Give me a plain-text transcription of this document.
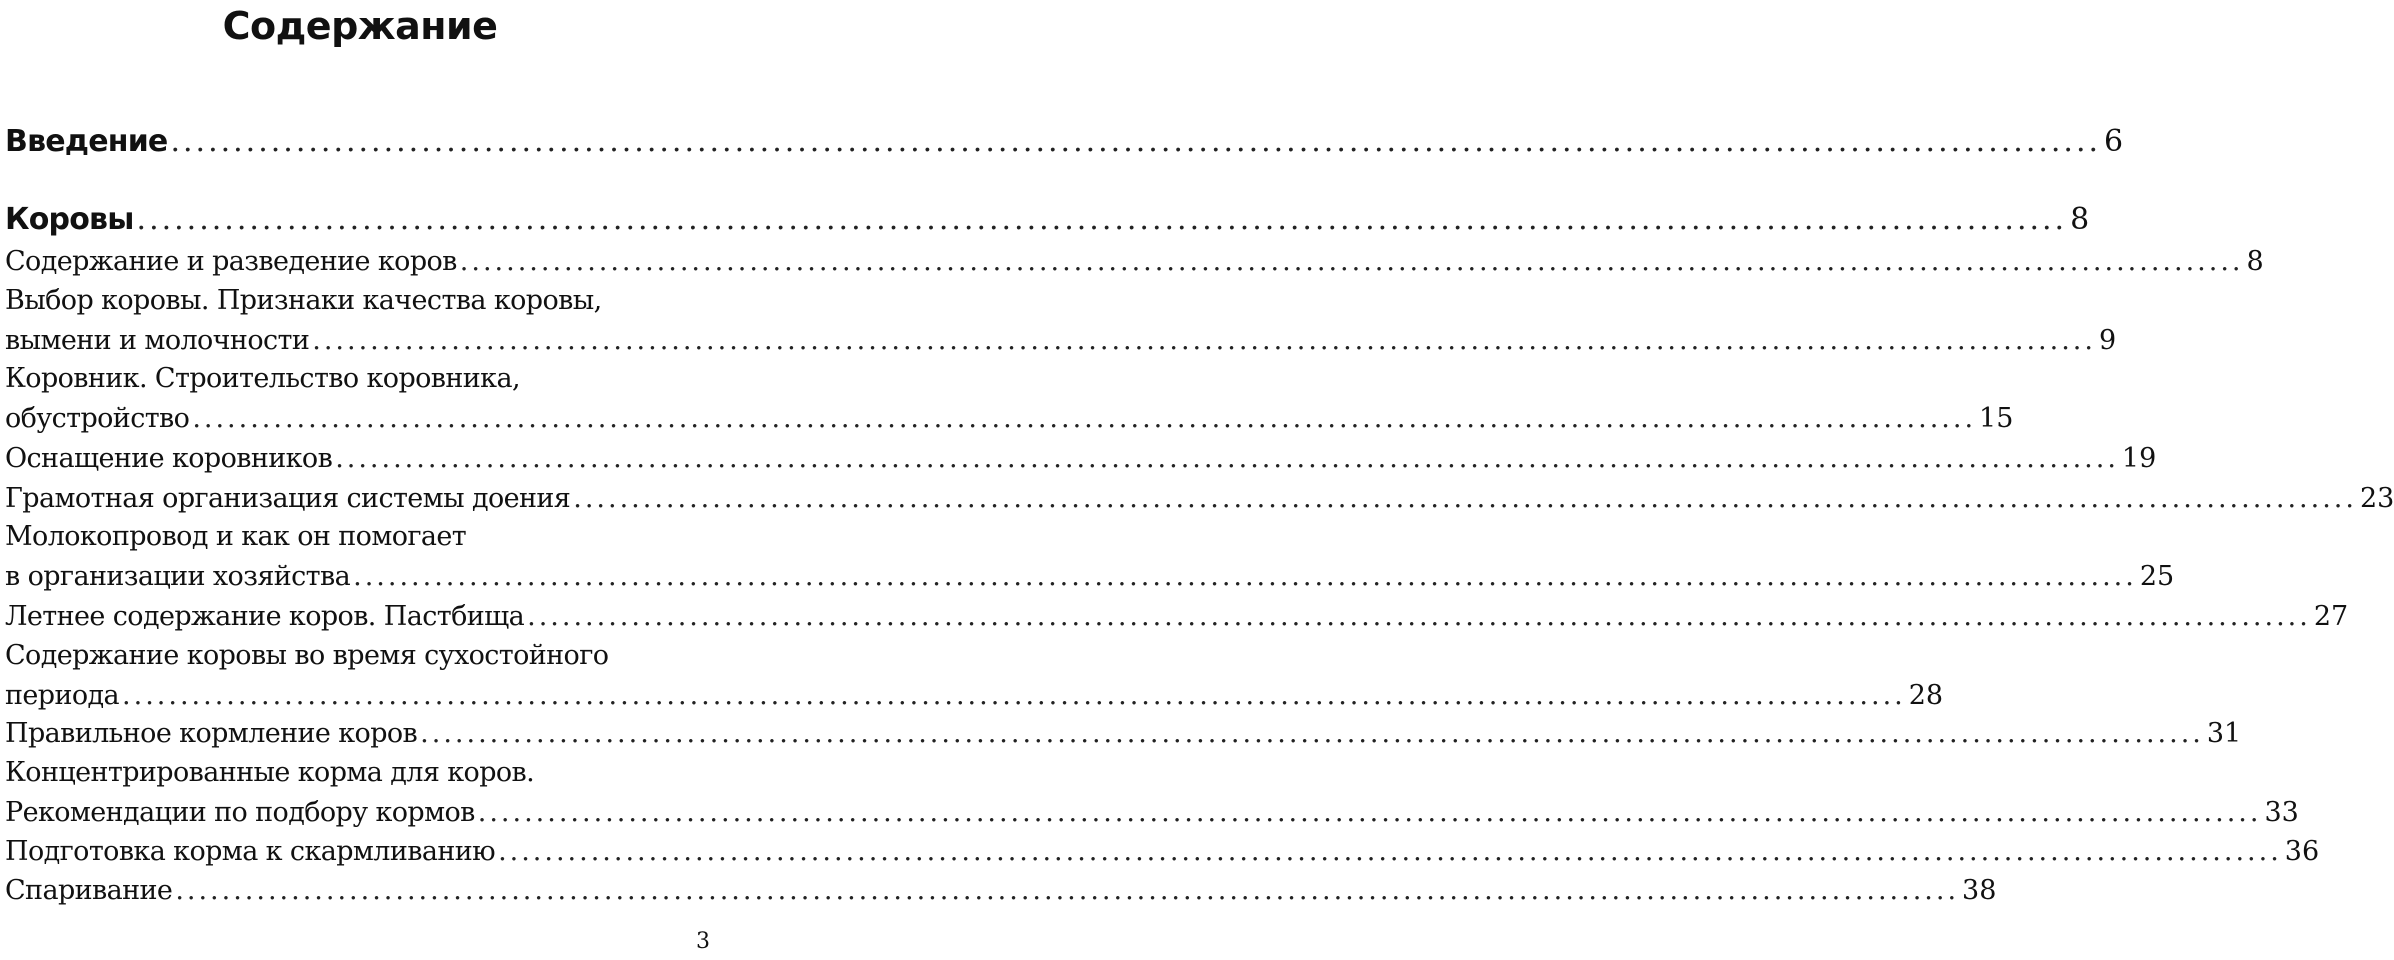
Содержание
Введение .......................................................................................................................................................... 6
Коровы .......................................................................................................................................................... 8
Содержание и разведение коров .......................................................................................................................................................... 8
Выбор коровы. Признаки качества коровы,
вымени и молочности .......................................................................................................................................................... 9
Коровник. Строительство коровника,
обустройство .......................................................................................................................................................... 15
Оснащение коровников .......................................................................................................................................................... 19
Грамотная организация системы доения .......................................................................................................................................................... 23
Молокопровод и как он помогает
в организации хозяйства .......................................................................................................................................................... 25
Летнее содержание коров. Пастбища .......................................................................................................................................................... 27
Содержание коровы во время сухостойного
периода .......................................................................................................................................................... 28
Правильное кормление коров .......................................................................................................................................................... 31
Концентрированные корма для коров.
Рекомендации по подбору кормов .......................................................................................................................................................... 33
Подготовка корма к скармливанию .......................................................................................................................................................... 36
Спаривание .......................................................................................................................................................... 38
3
